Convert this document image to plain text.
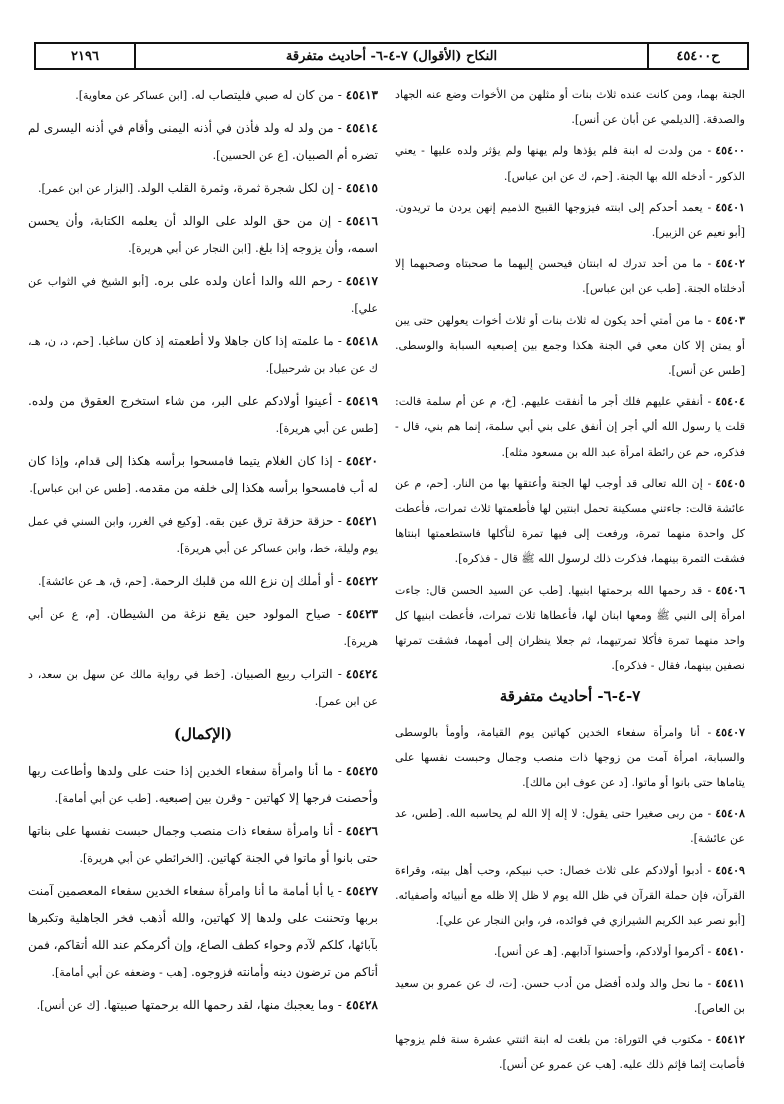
ح٤٥٤٠٠
النكاح (الأقوال) ٧-٤-٦- أحاديث متفرقة
٢١٩٦
الجنة بهما، ومن كانت عنده ثلاث بنات أو مثلهن من الأخوات وضع عنه الجهاد والصدقة. [الديلمي عن أبان عن أنس].
٤٥٤٠٠- من ولدت له ابنة فلم يؤذها ولم يهنها ولم يؤثر ولده عليها - يعني الذكور - أدخله الله بها الجنة. [حم، ك عن ابن عباس].
٤٥٤٠١- يعمد أحدكم إلى ابنته فيزوجها القبيح الذميم إنهن يردن ما تريدون. [أبو نعيم عن الزبير].
٤٥٤٠٢- ما من أحد تدرك له ابنتان فيحسن إليهما ما صحبتاه وصحبهما إلا أدخلتاه الجنة. [طب عن ابن عباس].
٤٥٤٠٣- ما من أمتي أحد يكون له ثلاث بنات أو ثلاث أخوات يعولهن حتى يبن أو يمتن إلا كان معي في الجنة هكذا وجمع بين إصبعيه السبابة والوسطى. [طس عن أنس].
٤٥٤٠٤- أنفقي عليهم فلك أجر ما أنفقت عليهم. [خ، م عن أم سلمة قالت: قلت يا رسول الله ألي أجر إن أنفق على بني أبي سلمة، إنما هم بني، قال - فذكره، حم عن رائطة امرأة عبد الله بن مسعود مثله].
٤٥٤٠٥- إن الله تعالى قد أوجب لها الجنة وأعتقها بها من النار. [حم، م عن عائشة قالت: جاءتني مسكينة تحمل ابنتين لها فأطعمتها ثلاث تمرات، فأعطت كل واحدة منهما تمرة، ورفعت إلى فيها تمرة لتأكلها فاستطعمتها ابنتاها فشقت التمرة بينهما، فذكرت ذلك لرسول الله ﷺ قال - فذكره].
٤٥٤٠٦- قد رحمها الله برحمتها ابنيها. [طب عن السيد الحسن قال: جاءت امرأة إلى النبي ﷺ ومعها ابنان لها، فأعطاها ثلاث تمرات، فأعطت ابنيها كل واحد منهما تمرة فأكلا تمرتيهما، ثم جعلا ينظران إلى أمهما، فشقت تمرتها نصفين بينهما، فقال - فذكره].
٧-٤-٦- أحاديث متفرقة
٤٥٤٠٧- أنا وامرأة سفعاء الخدين كهاتين يوم القيامة، وأومأ بالوسطى والسبابة، امرأة آمت من زوجها ذات منصب وجمال وحبست نفسها على يتاماها حتى بانوا أو ماتوا. [د عن عوف ابن مالك].
٤٥٤٠٨- من ربى صغيرا حتى يقول: لا إله إلا الله لم يحاسبه الله. [طس، عد عن عائشة].
٤٥٤٠٩- أدبوا أولادكم على ثلاث خصال: حب نبيكم، وحب أهل بيته، وقراءة القرآن، فإن حملة القرآن في ظل الله يوم لا ظل إلا ظله مع أنبيائه وأصفيائه. [أبو نصر عبد الكريم الشيرازي في فوائده، فر، وابن النجار عن علي].
٤٥٤١٠- أكرموا أولادكم، وأحسنوا آدابهم. [هـ عن أنس].
٤٥٤١١- ما نحل والد ولده أفضل من أدب حسن. [ت، ك عن عمرو بن سعيد بن العاص].
٤٥٤١٢- مكتوب في التوراة: من بلغت له ابنة اثنتي عشرة سنة فلم يزوجها فأصابت إثما فإثم ذلك عليه. [هب عن عمرو عن أنس].
٤٥٤١٣- من كان له صبي فليتصاب له. [ابن عساكر عن معاوية].
٤٥٤١٤- من ولد له ولد فأذن في أذنه اليمنى وأقام في أذنه اليسرى لم تضره أم الصبيان. [ع عن الحسين].
٤٥٤١٥- إن لكل شجرة ثمرة، وثمرة القلب الولد. [البزار عن ابن عمر].
٤٥٤١٦- إن من حق الولد على الوالد أن يعلمه الكتابة، وأن يحسن اسمه، وأن يزوجه إذا بلغ. [ابن النجار عن أبي هريرة].
٤٥٤١٧- رحم الله والدا أعان ولده على بره. [أبو الشيخ في الثواب عن علي].
٤٥٤١٨- ما علمته إذا كان جاهلا ولا أطعمته إذ كان ساغبا. [حم، د، ن، هـ، ك عن عباد بن شرحبيل].
٤٥٤١٩- أعينوا أولادكم على البر، من شاء استخرج العقوق من ولده. [طس عن أبي هريرة].
٤٥٤٢٠- إذا كان الغلام يتيما فامسحوا برأسه هكذا إلى قدام، وإذا كان له أب فامسحوا برأسه هكذا إلى خلفه من مقدمه. [طس عن ابن عباس].
٤٥٤٢١- حزقة حزقة ترق عين بقه. [وكيع في الغرر، وابن السني في عمل يوم وليلة، خط، وابن عساكر عن أبي هريرة].
٤٥٤٢٢- أو أملك إن نزع الله من قلبك الرحمة. [حم، ق، هـ عن عائشة].
٤٥٤٢٣- صياح المولود حين يقع نزغة من الشيطان. [م، ع عن أبي هريرة].
٤٥٤٢٤- التراب ربيع الصبيان. [خط في رواية مالك عن سهل بن سعد، د عن ابن عمر].
(الإكمال)
٤٥٤٢٥- ما أنا وامرأة سفعاء الخدين إذا حنت على ولدها وأطاعت ربها وأحصنت فرجها إلا كهاتين - وقرن بين إصبعيه. [طب عن أبي أمامة].
٤٥٤٢٦- أنا وامرأة سفعاء ذات منصب وجمال حبست نفسها على بناتها حتى بانوا أو ماتوا في الجنة كهاتين. [الخرائطي عن أبي هريرة].
٤٥٤٢٧- يا أبا أمامة ما أنا وامرأة سفعاء الخدين سفعاء المعصمين آمنت بربها وتحننت على ولدها إلا كهاتين، والله أذهب فخر الجاهلية وتكبرها بآبائها، كلكم لآدم وحواء كطف الصاع، وإن أكرمكم عند الله أتقاكم، فمن أتاكم من ترضون دينه وأمانته فزوجوه. [هب - وضعفه عن أبي أمامة].
٤٥٤٢٨- وما يعجبك منها، لقد رحمها الله برحمتها صبيتها. [ك عن أنس].
